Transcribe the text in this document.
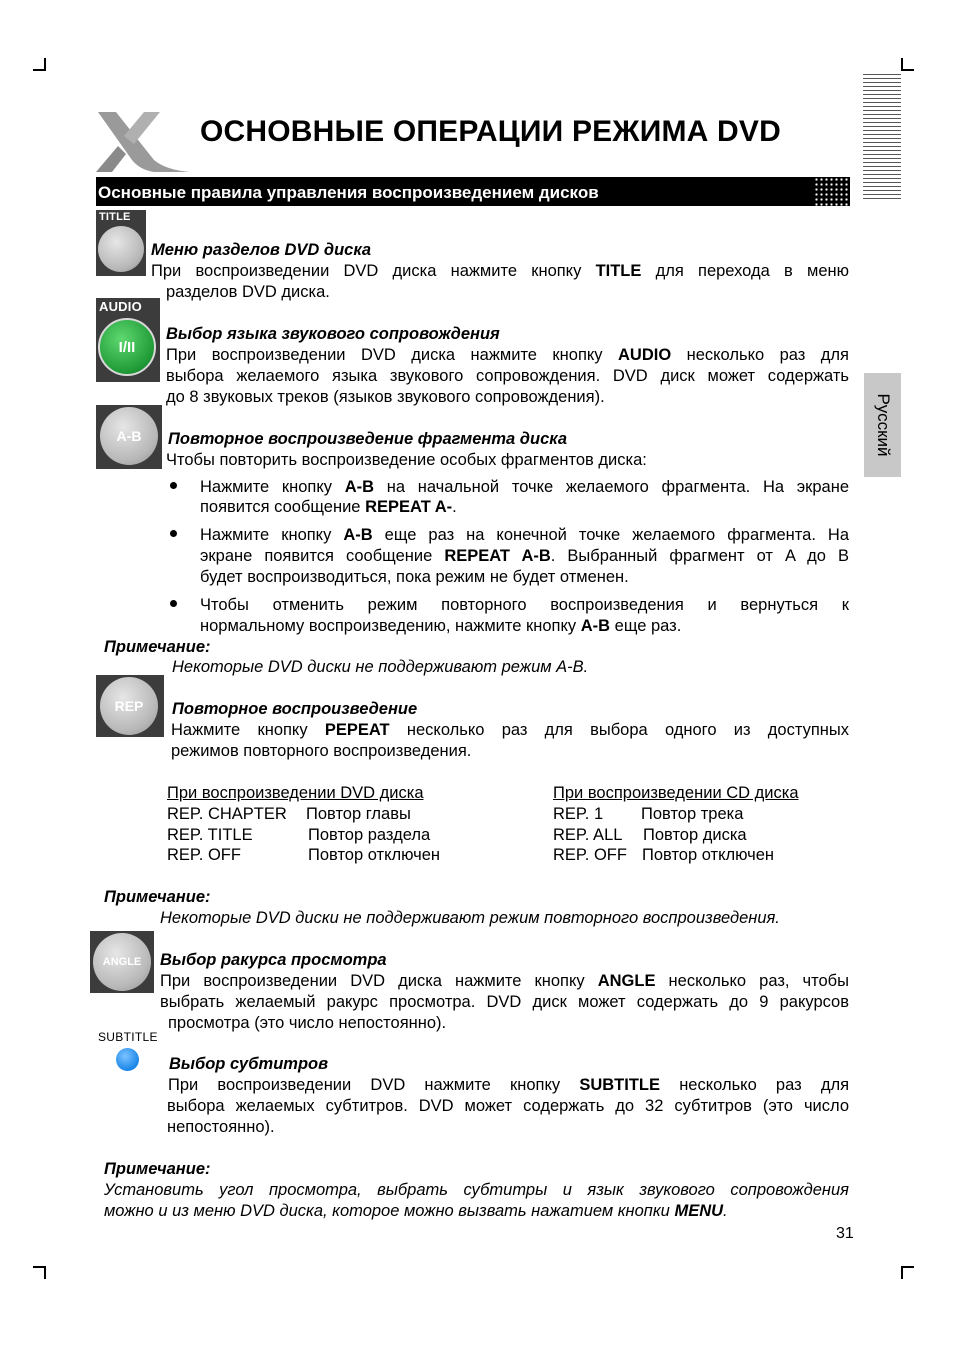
ОСНОВНЫЕ ОПЕРАЦИИ РЕЖИМА DVD
Основные правила управления воспроизведением дисков
Русский
TITLE
Меню разделов DVD диска
При воспроизведении DVD диска нажмите кнопку TITLE для перехода в меню
разделов DVD диска.
AUDIO
I/II
Выбор языка звукового сопровождения
При воспроизведении DVD диска нажмите кнопку AUDIO несколько раз для
выбора желаемого языка звукового сопровождения. DVD диск может содержать
до 8 звуковых треков (языков звукового сопровождения).
A-B Повторное воспроизведение фрагмента диска
Чтобы повторить воспроизведение особых фрагментов диска:
Нажмите кнопку A-B на начальной точке желаемого фрагмента. На экране
появится сообщение REPEAT A-.
Нажмите кнопку A-B еще раз на конечной точке желаемого фрагмента. На
экране появится сообщение REPEAT A-B. Выбранный фрагмент от A до B
будет воспроизводиться, пока режим не будет отменен.
Чтобы отменить режим повторного воспроизведения и вернуться к
нормальному воспроизведению, нажмите кнопку A-B еще раз.
Примечание:
Некоторые DVD диски не поддерживают режим A-B.
REP Повторное воспроизведение
Нажмите кнопку PEPEAT несколько раз для выбора одного из доступных
режимов повторного воспроизведения.
При воспроизведении DVD диска
REP. CHAPTER Повтор главы
REP. TITLE	Повтор раздела
REP. OFF	Повтор отключен
При воспроизведении CD диска
REP. 1 Повтор трека
REP. ALL Повтор диска
REP. OFF Повтор отключен
Примечание:
Некоторые DVD диски не поддерживают режим повторного воспроизведения.
ANGLE Выбор ракурса просмотра
При воспроизведении DVD диска нажмите кнопку ANGLE несколько раз, чтобы
выбрать желаемый ракурс просмотра. DVD диск может содержать до 9 ракурсов
просмотра (это число непостоянно).
SUBTITLE
Выбор субтитров
При воспроизведении DVD нажмите кнопку SUBTITLE несколько раз для
выбора желаемых субтитров. DVD может содержать до 32 субтитров (это число
непостоянно).
Примечание:
Установить угол просмотра, выбрать субтитры и язык звукового сопровождения
можно и из меню DVD диска, которое можно вызвать нажатием кнопки MENU.
31
